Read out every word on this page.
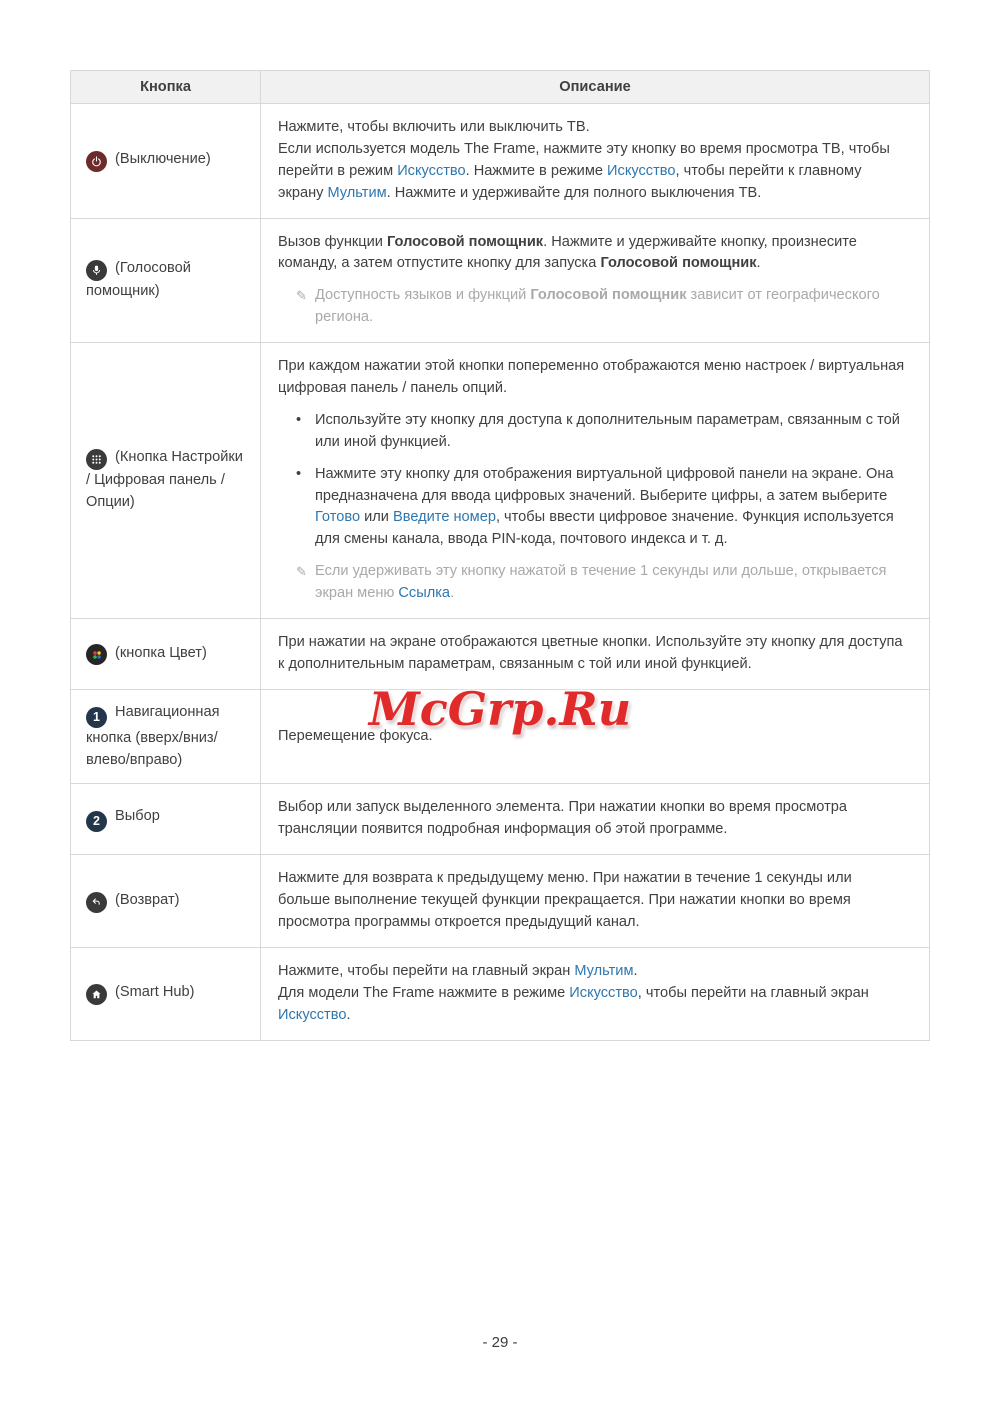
Кнопка	Описание
(Выключение)

Нажмите, чтобы включить или выключить ТВ.

Если используется модель The Frame, нажмите эту кнопку во время просмотра ТВ, чтобы перейти в режим Искусство. Нажмите в режиме Искусство, чтобы перейти к главному экрану Мультим. Нажмите и удерживайте для полного выключения ТВ.

(Голосовой помощник)

Вызов функции Голосовой помощник. Нажмите и удерживайте кнопку, произнесите команду, а затем отпустите кнопку для запуска Голосовой помощник.

✎ Доступность языков и функций Голосовой помощник зависит от географического региона.

(Кнопка Настройки / Цифровая панель / Опции)

При каждом нажатии этой кнопки попеременно отображаются меню настроек / виртуальная цифровая панель / панель опций.

• Используйте эту кнопку для доступа к дополнительным параметрам, связанным с той или иной функцией.

• Нажмите эту кнопку для отображения виртуальной цифровой панели на экране. Она предназначена для ввода цифровых значений. Выберите цифры, а затем выберите Готово или Введите номер, чтобы ввести цифровое значение. Функция используется для смены канала, ввода PIN-кода, почтового индекса и т. д.

✎ Если удерживать эту кнопку нажатой в течение 1 секунды или дольше, открывается экран меню Ссылка.

(кнопка Цвет)

При нажатии на экране отображаются цветные кнопки. Используйте эту кнопку для доступа к дополнительным параметрам, связанным с той или иной функцией.

1 Навигационная кнопка (вверх/вниз/влево/вправо)

Перемещение фокуса.

2 Выбор

Выбор или запуск выделенного элемента. При нажатии кнопки во время просмотра трансляции появится подробная информация об этой программе.

(Возврат)

Нажмите для возврата к предыдущему меню. При нажатии в течение 1 секунды или больше выполнение текущей функции прекращается. При нажатии кнопки во время просмотра программы откроется предыдущий канал.

(Smart Hub)

Нажмите, чтобы перейти на главный экран Мультим.

Для модели The Frame нажмите в режиме Искусство, чтобы перейти на главный экран Искусство.

McGrp.Ru
- 29 -
